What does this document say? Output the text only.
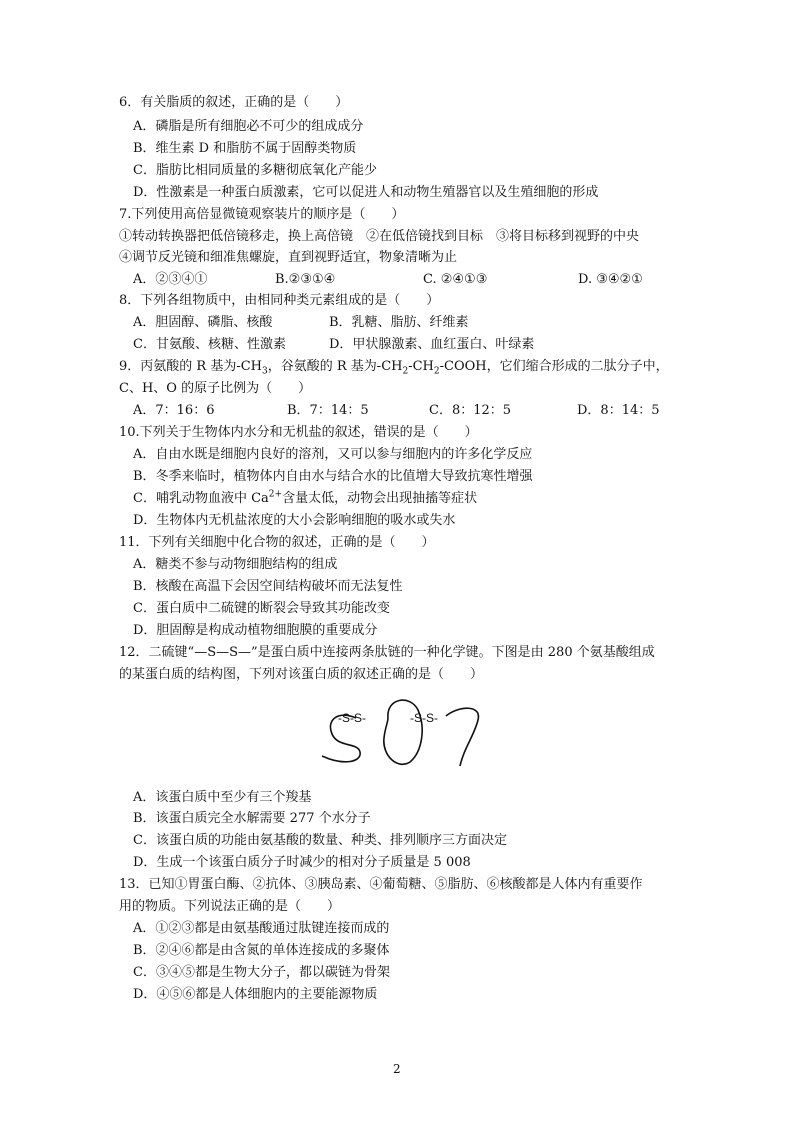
6．有关脂质的叙述，正确的是（　　）
A．磷脂是所有细胞必不可少的组成成分
B．维生素 D 和脂肪不属于固醇类物质
C．脂肪比相同质量的多糖彻底氧化产能少
D．性激素是一种蛋白质激素，它可以促进人和动物生殖器官以及生殖细胞的形成
7.下列使用高倍显微镜观察装片的顺序是（　　）
①转动转换器把低倍镜移走，换上高倍镜　②在低倍镜找到目标　③将目标移到视野的中央
④调节反光镜和细准焦螺旋，直到视野适宜，物象清晰为止
A．②③④①	B.②③①④	C. ②④①③	D. ③④②①
8．下列各组物质中，由相同种类元素组成的是（　　）
A．胆固醇、磷脂、核酸	B．乳糖、脂肪、纤维素
C．甘氨酸、核糖、性激素	D．甲状腺激素、血红蛋白、叶绿素
9．丙氨酸的 R 基为$-CH_3$，谷氨酸的 R 基为$-CH_2-CH_2$-COOH，它们缩合形成的二肽分子中，
C、H、O 的原子比例为（　　）
A．7：16：6	B．7：14：5	C．8：12：5	D．8：14：5
10.下列关于生物体内水分和无机盐的叙述，错误的是（　　）
A．自由水既是细胞内良好的溶剂，又可以参与细胞内的许多化学反应
B．冬季来临时，植物体内自由水与结合水的比值增大导致抗寒性增强
C．哺乳动物血液中 $Ca^{2+}$含量太低，动物会出现抽搐等症状
D．生物体内无机盐浓度的大小会影响细胞的吸水或失水
11．下列有关细胞中化合物的叙述，正确的是（　　）
A．糖类不参与动物细胞结构的组成
B．核酸在高温下会因空间结构破坏而无法复性
C．蛋白质中二硫键的断裂会导致其功能改变
D．胆固醇是构成动植物细胞膜的重要成分
12．二硫键“—S—S—”是蛋白质中连接两条肽链的一种化学键。下图是由 280 个氨基酸组成
的某蛋白质的结构图，下列对该蛋白质的叙述正确的是（　　）
-S-S-	-S-S-
A．该蛋白质中至少有三个羧基
B．该蛋白质完全水解需要 277 个水分子
C．该蛋白质的功能由氨基酸的数量、种类、排列顺序三方面决定
D．生成一个该蛋白质分子时减少的相对分子质量是 5 008
13．已知①胃蛋白酶、②抗体、③胰岛素、④葡萄糖、⑤脂肪、⑥核酸都是人体内有重要作
用的物质。下列说法正确的是（　　）
A．①②③都是由氨基酸通过肽键连接而成的
B．②④⑥都是由含氮的单体连接成的多聚体
C．③④⑤都是生物大分子，都以碳链为骨架
D．④⑤⑥都是人体细胞内的主要能源物质
2
